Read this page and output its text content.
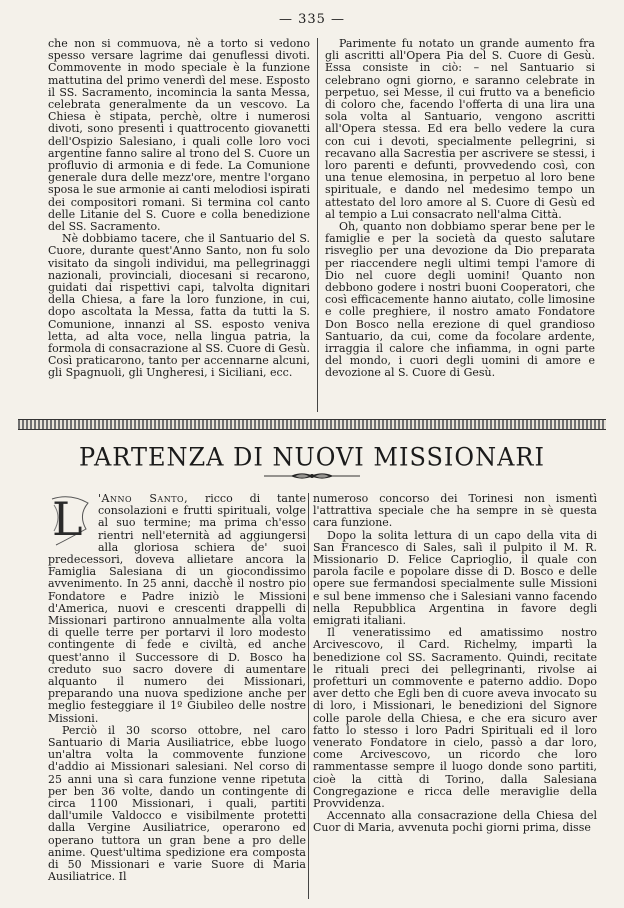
— 335 —

che non si commuova, nè a torto si vedono spesso versare lagrime dai genuflessi divoti. Commovente in modo speciale è la funzione mattutina del primo venerdì del mese. Esposto il SS. Sacramento, incomincia la santa Messa, celebrata generalmente da un vescovo. La Chiesa è stipata, perchè, oltre i numerosi divoti, sono presenti i quattrocento giovanetti dell'Ospizio Salesiano, i quali colle loro voci argentine fanno salire al trono del S. Cuore un profluvio di armonia e di fede. La Comunione generale dura delle mezz'ore, mentre l'organo sposa le sue armonie ai canti melodiosi ispirati dei compositori romani. Si termina col canto delle Litanie del S. Cuore e colla benedizione del SS. Sacramento.

Nè dobbiamo tacere, che il Santuario del S. Cuore, durante quest'Anno Santo, non fu solo visitato da singoli individui, ma pellegrinaggi nazionali, provinciali, diocesani si recarono, guidati dai rispettivi capi, talvolta dignitari della Chiesa, a fare la loro funzione, in cui, dopo ascoltata la Messa, fatta da tutti la S. Comunione, innanzi al SS. esposto veniva letta, ad alta voce, nella lingua patria, la formola di consacrazione al SS. Cuore di Gesù. Così praticarono, tanto per accennarne alcuni, gli Spagnuoli, gli Ungheresi, i Siciliani, ecc.

Parimente fu notato un grande aumento fra gli ascritti all'Opera Pia del S. Cuore di Gesù. Essa consiste in ciò: – nel Santuario si celebrano ogni giorno, e saranno celebrate in perpetuo, sei Messe, il cui frutto va a beneficio di coloro che, facendo l'offerta di una lira una sola volta al Santuario, vengono ascritti all'Opera stessa. Ed era bello vedere la cura con cui i devoti, specialmente pellegrini, si recavano alla Sacrestia per ascrivere se stessi, i loro parenti e defunti, provvedendo così, con una tenue elemosina, in perpetuo al loro bene spirituale, e dando nel medesimo tempo un attestato del loro amore al S. Cuore di Gesù ed al tempio a Lui consacrato nell'alma Città.

Oh, quanto non dobbiamo sperar bene per le famiglie e per la società da questo salutare risveglio per una devozione da Dio preparata per riaccendere negli ultimi tempi l'amore di Dio nel cuore degli uomini! Quanto non debbono godere i nostri buoni Cooperatori, che così efficacemente hanno aiutato, colle limosine e colle preghiere, il nostro amato Fondatore Don Bosco nella erezione di quel grandioso Santuario, da cui, come da focolare ardente, irraggia il calore che infiamma, in ogni parte del mondo, i cuori degli uomini di amore e devozione al S. Cuore di Gesù.

PARTENZA DI NUOVI MISSIONARI

L 'Anno Santo, ricco di tante consolazioni e frutti spirituali, volge al suo termine; ma prima ch'esso rientri nell'eternità ad aggiungersi alla gloriosa schiera de' suoi predecessori, doveva allietare ancora la Famiglia Salesiana di un giocondissimo avvenimento. In 25 anni, dacchè il nostro pio Fondatore e Padre iniziò le Missioni d'America, nuovi e crescenti drappelli di Missionari partirono annualmente alla volta di quelle terre per portarvi il loro modesto contingente di fede e civiltà, ed anche quest'anno il Successore di D. Bosco ha creduto suo sacro dovere di aumentare alquanto il numero dei Missionari, preparando una nuova spedizione anche per meglio festeggiare il 1º Giubileo delle nostre Missioni.

Perciò il 30 scorso ottobre, nel caro Santuario di Maria Ausiliatrice, ebbe luogo un'altra volta la commovente funzione d'addio ai Missionari salesiani. Nel corso di 25 anni una sì cara funzione venne ripetuta per ben 36 volte, dando un contingente di circa 1100 Missionari, i quali, partiti dall'umile Valdocco e visibilmente protetti dalla Vergine Ausiliatrice, operarono ed operano tuttora un gran bene a pro delle anime. Quest'ultima spedizione era composta di 50 Missionari e varie Suore di Maria Ausiliatrice. Il

numeroso concorso dei Torinesi non ismentì l'attrattiva speciale che ha sempre in sè questa cara funzione.

Dopo la solita lettura di un capo della vita di San Francesco di Sales, salì il pulpito il M. R. Missionario D. Felice Caprioglio, il quale con parola facile e popolare disse di D. Bosco e delle opere sue fermandosi specialmente sulle Missioni e sul bene immenso che i Salesiani vanno facendo nella Repubblica Argentina in favore degli emigrati italiani.

Il veneratissimo ed amatissimo nostro Arcivescovo, il Card. Richelmy, impartì la benedizione col SS. Sacramento. Quindi, recitate le rituali preci dei pellegrinanti, rivolse ai profetturi un commovente e paterno addio. Dopo aver detto che Egli ben di cuore aveva invocato su di loro, i Missionari, le benedizioni del Signore colle parole della Chiesa, e che era sicuro aver fatto lo stesso i loro Padri Spirituali ed il loro venerato Fondatore in cielo, passò a dar loro, come Arcivescovo, un ricordo che loro rammentasse sempre il luogo donde sono partiti, cioè la città di Torino, dalla Salesiana Congregazione e ricca delle meraviglie della Provvidenza.

Accennato alla consacrazione della Chiesa del Cuor di Maria, avvenuta pochi giorni prima, disse
